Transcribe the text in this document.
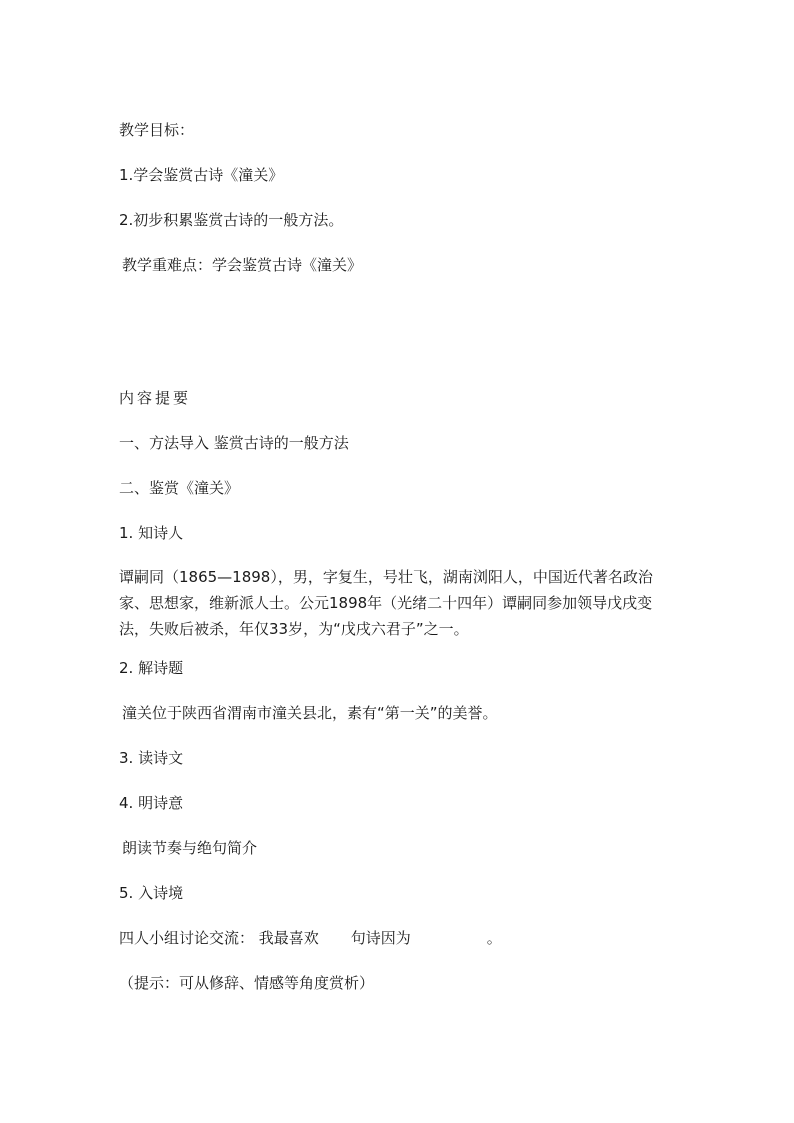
教学目标：
1.学会鉴赏古诗《潼关》
2.初步积累鉴赏古诗的一般方法。
教学重难点：学会鉴赏古诗《潼关》
内容提要
一、方法导入 鉴赏古诗的一般方法
二、鉴赏《潼关》
1. 知诗人
谭嗣同（1865—1898），男，字复生，号壮飞，湖南浏阳人，中国近代著名政治家、思想家，维新派人士。公元1898年（光绪二十四年）谭嗣同参加领导戊戌变法，失败后被杀，年仅33岁，为“戊戌六君子”之一。
2. 解诗题
潼关位于陕西省渭南市潼关县北，素有“第一关”的美誉。
3. 读诗文
4. 明诗意
朗读节奏与绝句简介
5. 入诗境
四人小组讨论交流： 我最喜欢 句诗因为	。
（提示：可从修辞、情感等角度赏析）
